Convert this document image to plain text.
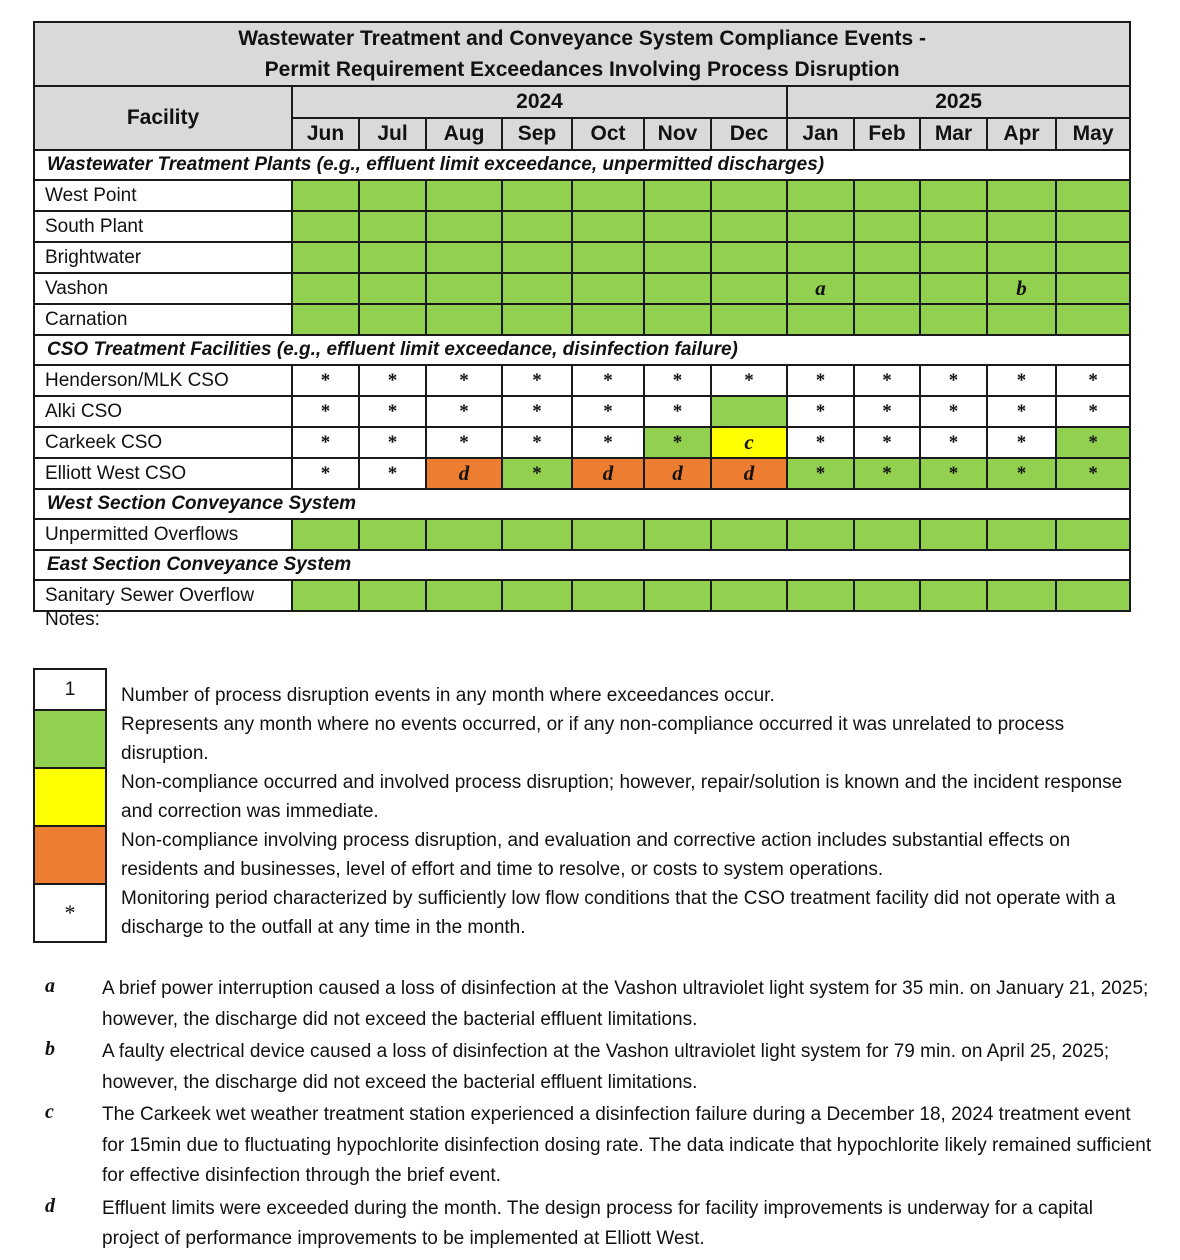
Wastewater Treatment and Conveyance System Compliance Events -
Permit Requirement Exceedances Involving Process Disruption												

Facility	2024							2025				
	Jun	Jul	Aug	Sep	Oct	Nov	Dec	Jan	Feb	Mar	Apr	May
Wastewater Treatment Plants (e.g., effluent limit exceedance, unpermitted discharges)												
West Point												
South Plant												
Brightwater												
Vashon								a			b	
Carnation												
CSO Treatment Facilities (e.g., effluent limit exceedance, disinfection failure)												
Henderson/MLK CSO	*	*	*	*	*	*	*	*	*	*	*	*
Alki CSO	*	*	*	*	*	*		*	*	*	*	*
Carkeek CSO	*	*	*	*	*	*	c	*	*	*	*	*
Elliott West CSO	*	*	d	*	d	d	d	*	*	*	*	*
West Section Conveyance System												
Unpermitted Overflows												
East Section Conveyance System												
Sanitary Sewer Overflow												
Notes:
1	Number of process disruption events in any month where exceedances occur.
Represents any month where no events occurred, or if any non-compliance occurred it was unrelated to process disruption.
Non-compliance occurred and involved process disruption; however, repair/solution is known and the incident response and correction was immediate.
Non-compliance involving process disruption, and evaluation and corrective action includes substantial effects on residents and businesses, level of effort and time to resolve, or costs to system operations.
*
Monitoring period characterized by sufficiently low flow conditions that the CSO treatment facility did not operate with a discharge to the outfall at any time in the month.
a	A brief power interruption caused a loss of disinfection at the Vashon ultraviolet light system for 35 min. on January 21, 2025; however, the discharge did not exceed the bacterial effluent limitations.
b	A faulty electrical device caused a loss of disinfection at the Vashon ultraviolet light system for 79 min. on April 25, 2025; however, the discharge did not exceed the bacterial effluent limitations.
c	The Carkeek wet weather treatment station experienced a disinfection failure during a December 18, 2024 treatment event for 15min due to fluctuating hypochlorite disinfection dosing rate. The data indicate that hypochlorite likely remained sufficient for effective disinfection through the brief event.
d	Effluent limits were exceeded during the month. The design process for facility improvements is underway for a capital project of performance improvements to be implemented at Elliott West.
